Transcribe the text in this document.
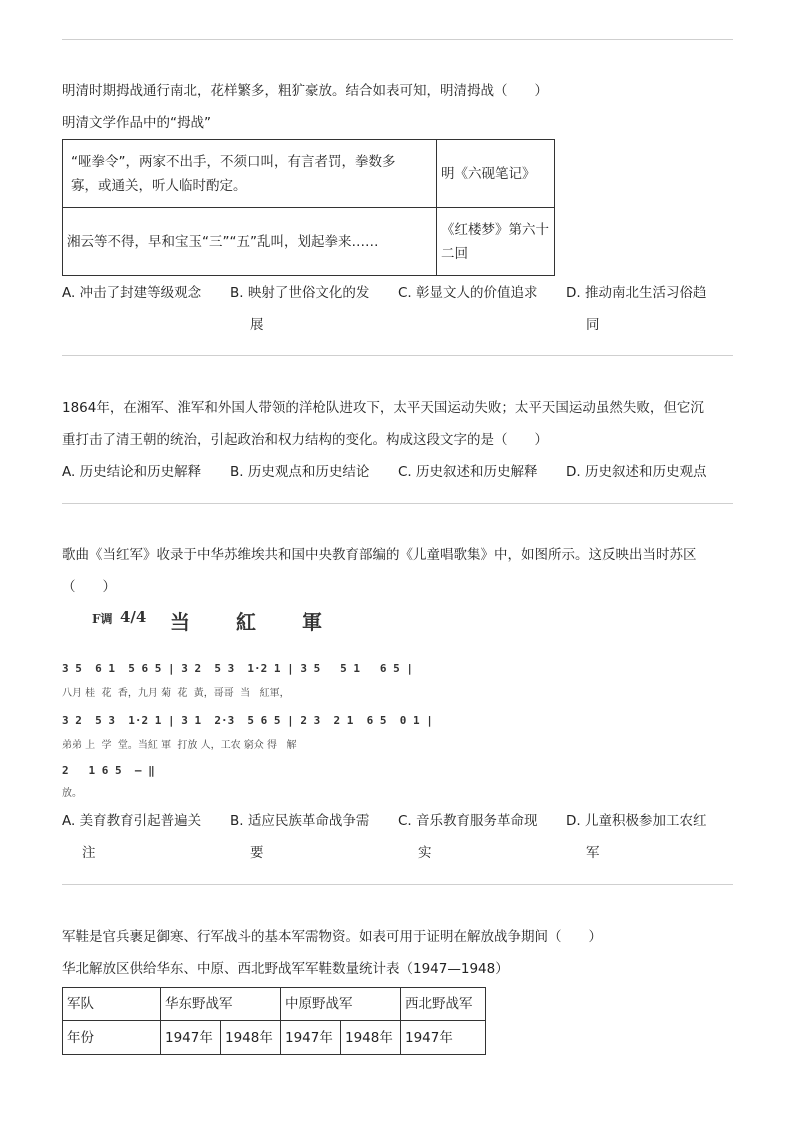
明清时期拇战通行南北，花样繁多，粗犷豪放。结合如表可知，明清拇战（　　）
明清文学作品中的“拇战”
“哑拳令”，两家不出手，不须口叫，有言者罚，拳数多
寡，或通关，听人临时酌定。	明《六砚笔记》

湘云等不得，早和宝玉“三”“五”乱叫，划起拳来……	《红楼梦》第六十
二回
A. 冲击了封建等级观念 B. 映射了世俗文化的发
展
C. 彰显文人的价值追求 D. 推动南北生活习俗趋
同
1864年，在湘军、淮军和外国人带领的洋枪队进攻下，太平天国运动失败；太平天国运动虽然失败，但它沉
重打击了清王朝的统治，引起政治和权力结构的变化。构成这段文字的是（　　）
A. 历史结论和历史解释 B. 历史观点和历史结论 C. 历史叙述和历史解释 D. 历史叙述和历史观点
歌曲《当红军》收录于中华苏维埃共和国中央教育部编的《儿童唱歌集》中，如图所示。这反映出当时苏区
（　　）
F调 4/4 当　　紅　　軍
3 5  6 1  5 6 5 | 3 2  5 3  1·2 1 | 3 5   5 1   6 5 |
八月 桂  花  香，九月 菊  花  黃，哥哥  当   紅軍，
3 2  5 3  1·2 1 | 3 1  2·3  5 6 5 | 2 3  2 1  6 5  0 1 |
弟弟 上  学  堂。当紅 軍  打放 人，工农 窮众 得   解
2   1 6 5  — ‖
放。
A. 美育教育引起普遍关
注
B. 适应民族革命战争需
要
C. 音乐教育服务革命现
实
D. 儿童积极参加工农红
军
军鞋是官兵裹足御寒、行军战斗的基本军需物资。如表可用于证明在解放战争期间（　　）
华北解放区供给华东、中原、西北野战军军鞋数量统计表（1947—1948）
军队	华东野战军		中原野战军		西北野战军
年份	1947年	1948年	1947年	1948年	1947年
